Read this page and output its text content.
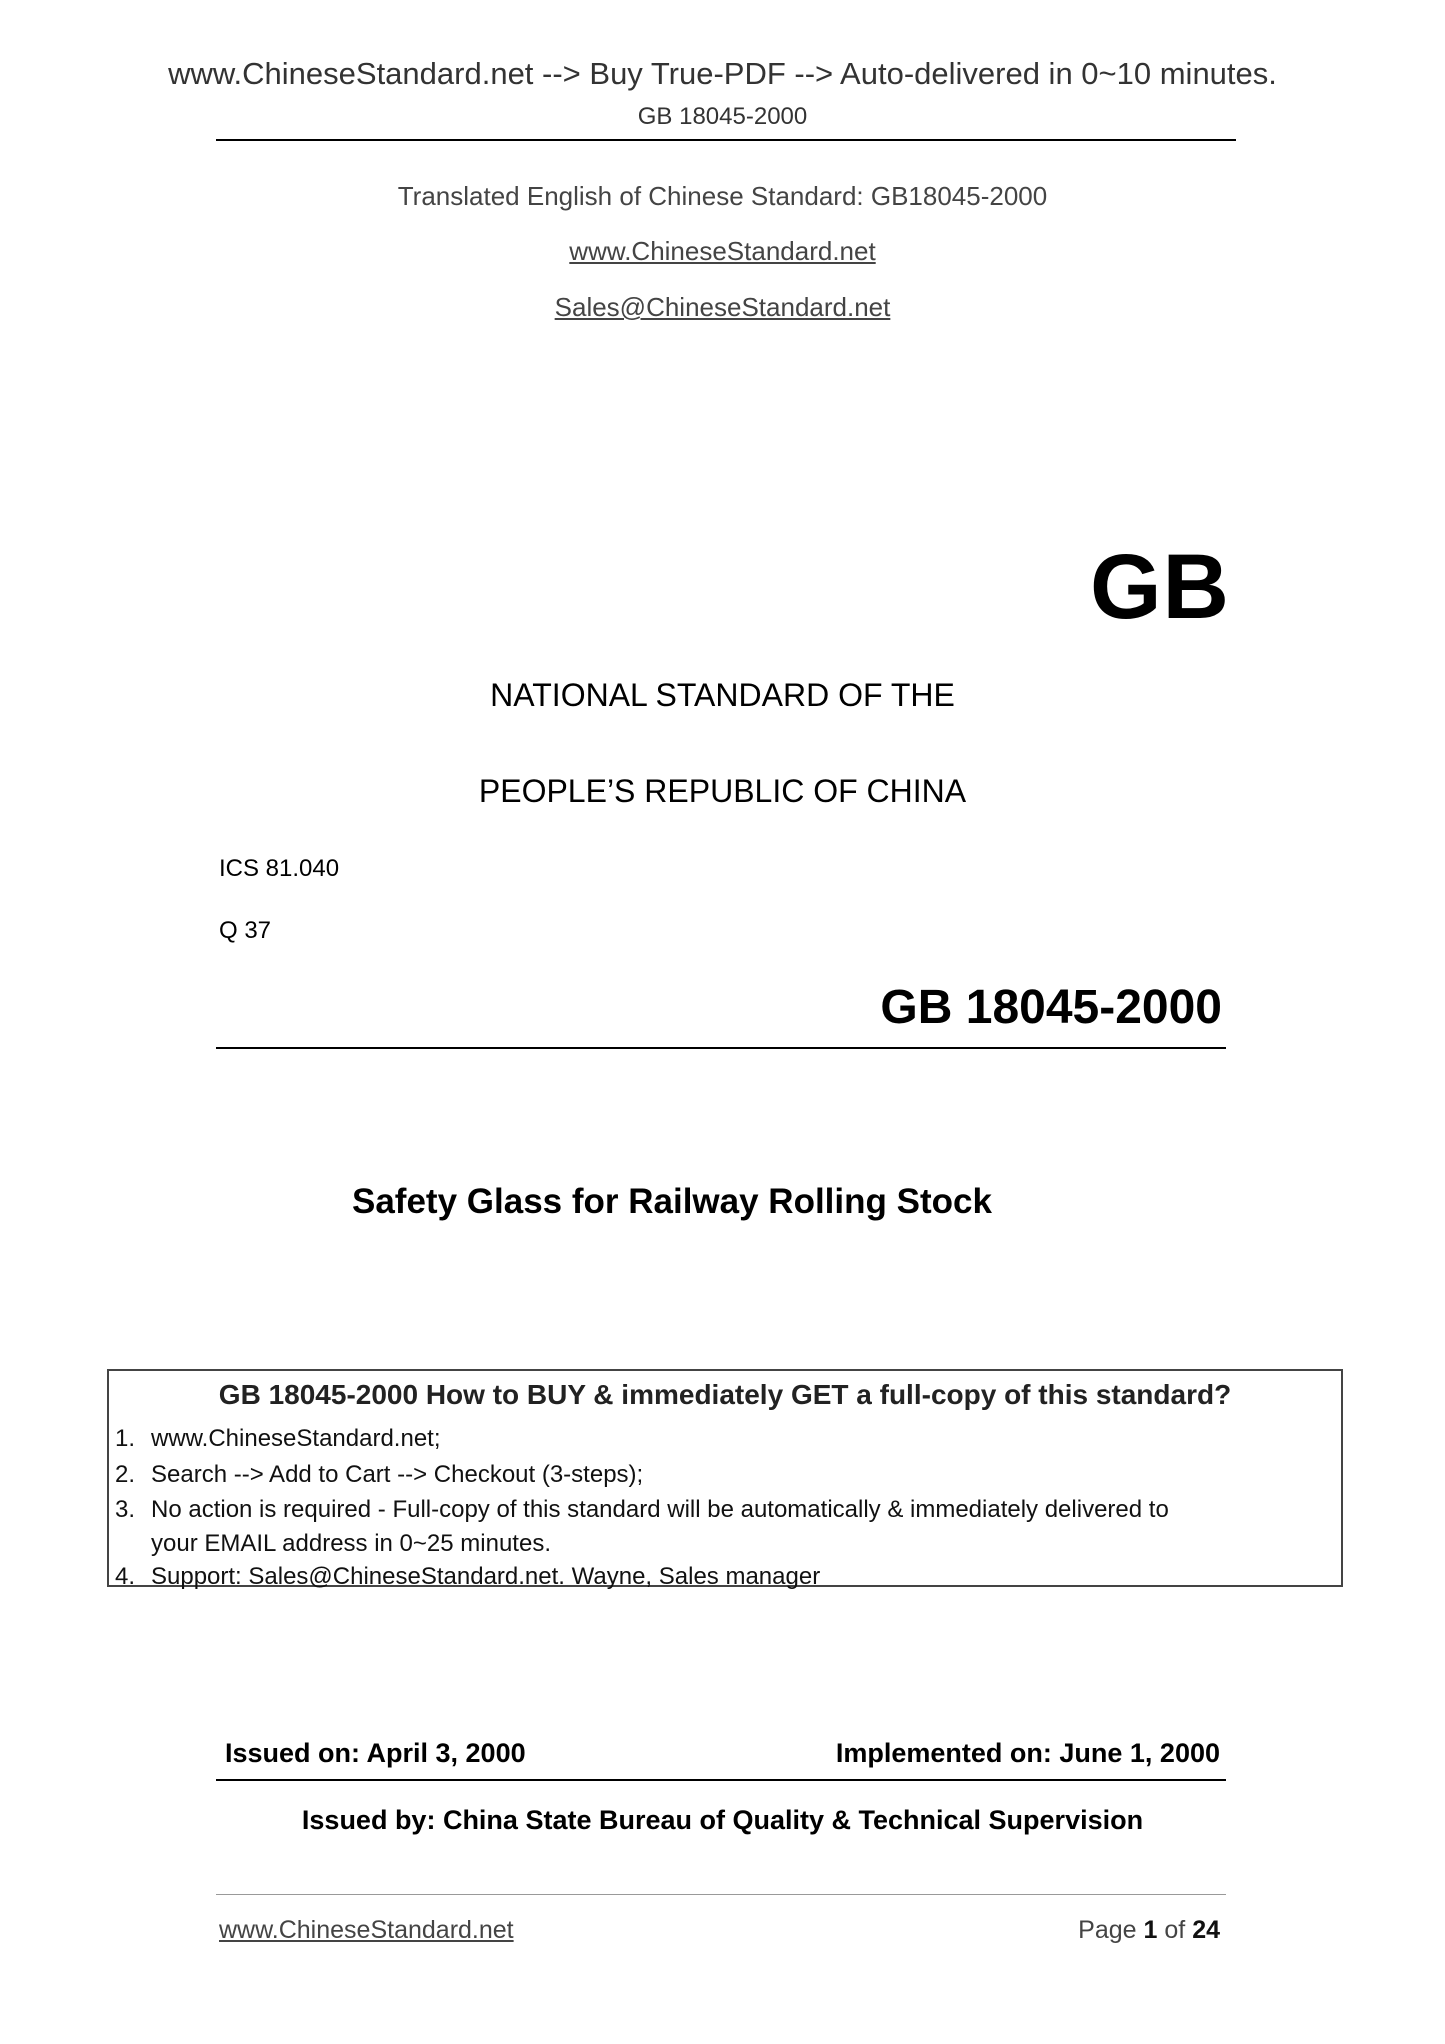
www.ChineseStandard.net --> Buy True-PDF --> Auto-delivered in 0~10 minutes.
GB 18045-2000
Translated English of Chinese Standard: GB18045-2000
www.ChineseStandard.net
Sales@ChineseStandard.net
GB
NATIONAL STANDARD OF THE
PEOPLE’S REPUBLIC OF CHINA
ICS 81.040
Q 37
GB 18045-2000
Safety Glass for Railway Rolling Stock
GB 18045-2000 How to BUY & immediately GET a full-copy of this standard?
1. www.ChineseStandard.net;
2. Search --> Add to Cart --> Checkout (3-steps);
3. No action is required - Full-copy of this standard will be automatically & immediately delivered to
your EMAIL address in 0~25 minutes.
4. Support: Sales@ChineseStandard.net. Wayne, Sales manager
Issued on: April 3, 2000	Implemented on: June 1, 2000
Issued by: China State Bureau of Quality & Technical Supervision
www.ChineseStandard.net	Page 1 of 24
